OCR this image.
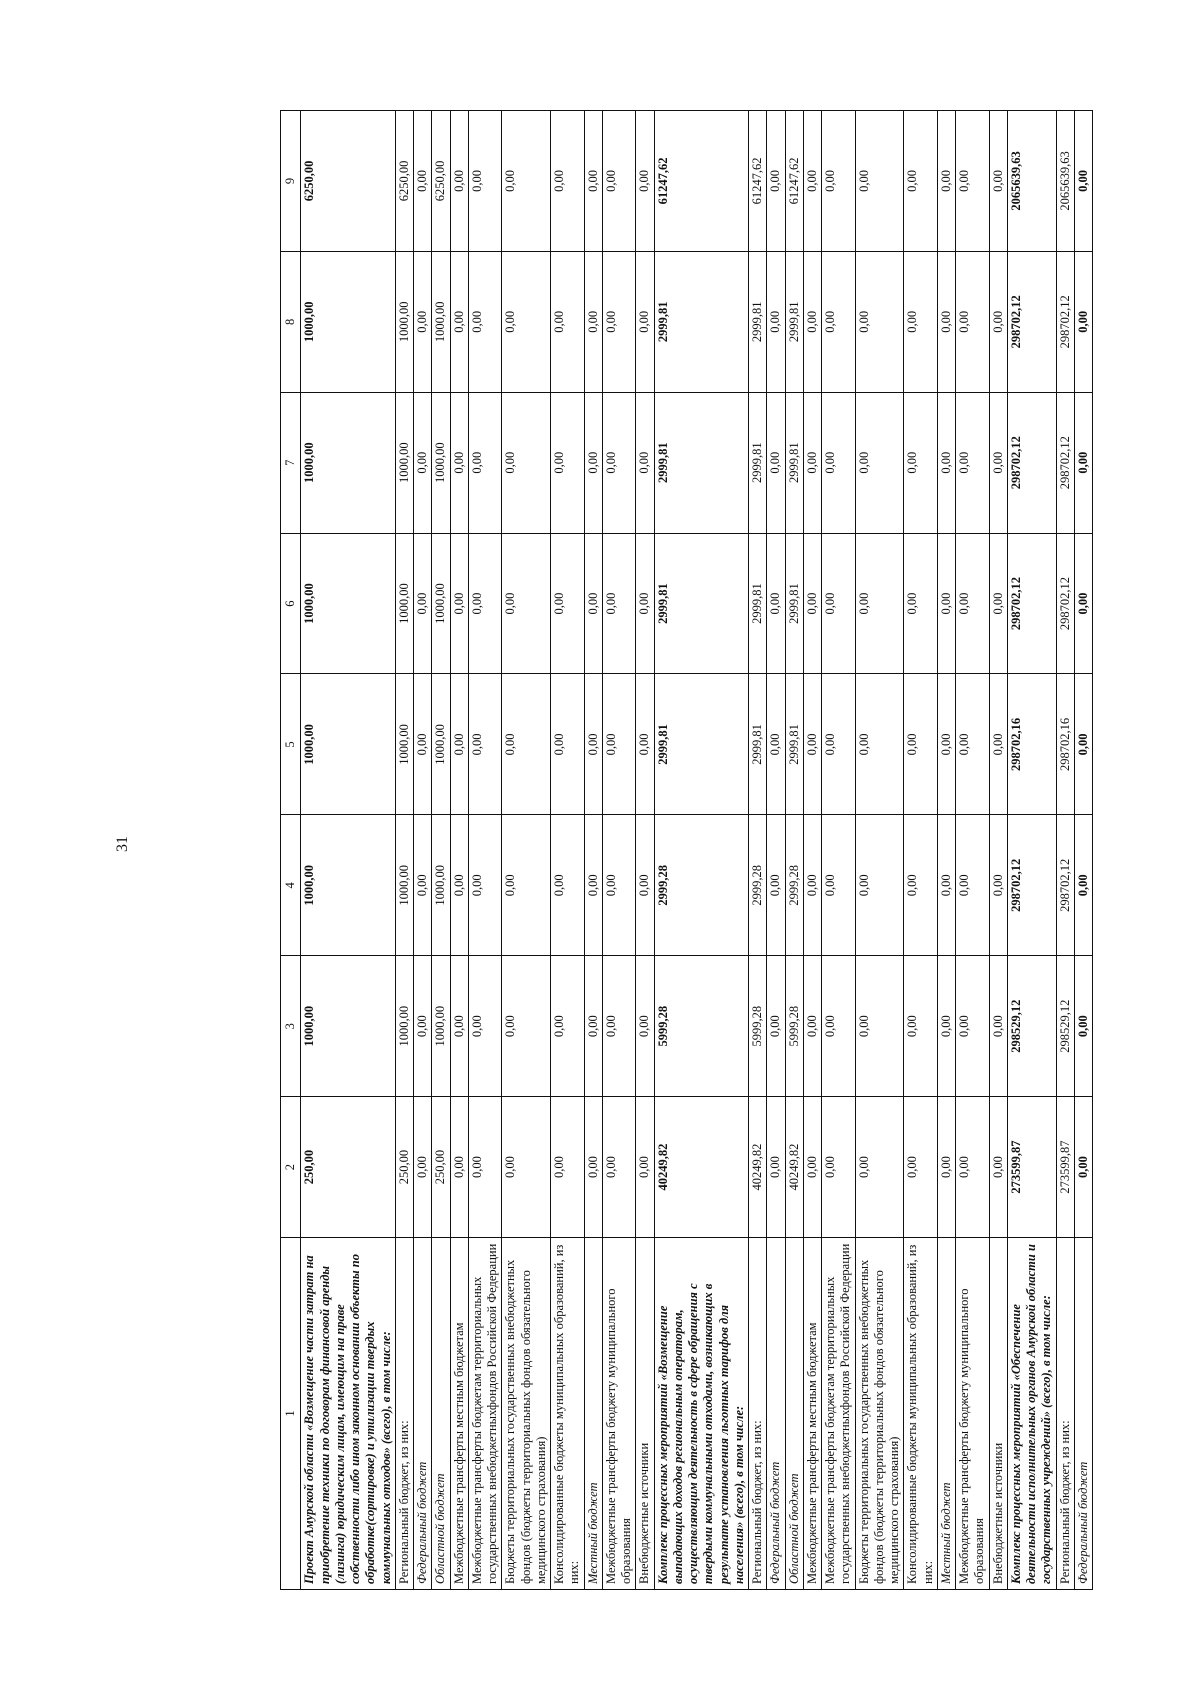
31
1	2	3	4	5	6	7	8	9
Проект Амурской области «Возмещение части затрат на приобретение техники по договорам финансовой аренды (лизинга) юридическим лицам, имеющим на праве собственности либо ином законном основании объекты по обработке(сортировке) и утилизации твердых коммунальных отходов» (всего), в том числе:	250,00	1000,00	1000,00	1000,00	1000,00	1000,00	1000,00	6250,00
Региональный бюджет, из них:	250,00	1000,00	1000,00	1000,00	1000,00	1000,00	1000,00	6250,00
Федеральный бюджет	0,00	0,00	0,00	0,00	0,00	0,00	0,00	0,00
Областной бюджет	250,00	1000,00	1000,00	1000,00	1000,00	1000,00	1000,00	6250,00
Межбюджетные трансферты местным бюджетам	0,00	0,00	0,00	0,00	0,00	0,00	0,00	0,00
Межбюджетные трансферты бюджетам территориальных государственных внебюджетныхфондов Российской Федерации	0,00	0,00	0,00	0,00	0,00	0,00	0,00	0,00
Бюджеты территориальных государственных внебюджетных фондов (бюджеты территориальных фондов обязательного медицинского страхования)	0,00	0,00	0,00	0,00	0,00	0,00	0,00	0,00
Консолидированные бюджеты муниципальных образований, из них:	0,00	0,00	0,00	0,00	0,00	0,00	0,00	0,00
Местный бюджет	0,00	0,00	0,00	0,00	0,00	0,00	0,00	0,00
Межбюджетные трансферты бюджету муниципального образования	0,00	0,00	0,00	0,00	0,00	0,00	0,00	0,00
Внебюджетные источники	0,00	0,00	0,00	0,00	0,00	0,00	0,00	0,00
Комплекс процессных мероприятий «Возмещение выпадающих доходов региональным операторам, осуществляющим деятельность в сфере обращения с твердыми коммунальными отходами, возникающих в результате установления льготных тарифов для населения» (всего), в том числе:	40249,82	5999,28	2999,28	2999,81	2999,81	2999,81	2999,81	61247,62
Региональный бюджет, из них:	40249,82	5999,28	2999,28	2999,81	2999,81	2999,81	2999,81	61247,62
Федеральный бюджет	0,00	0,00	0,00	0,00	0,00	0,00	0,00	0,00
Областной бюджет	40249,82	5999,28	2999,28	2999,81	2999,81	2999,81	2999,81	61247,62
Межбюджетные трансферты местным бюджетам	0,00	0,00	0,00	0,00	0,00	0,00	0,00	0,00
Межбюджетные трансферты бюджетам территориальных государственных внебюджетныхфондов Российской Федерации	0,00	0,00	0,00	0,00	0,00	0,00	0,00	0,00
Бюджеты территориальных государственных внебюджетных фондов (бюджеты территориальных фондов обязательного медицинского страхования)	0,00	0,00	0,00	0,00	0,00	0,00	0,00	0,00
Консолидированные бюджеты муниципальных образований, из них:	0,00	0,00	0,00	0,00	0,00	0,00	0,00	0,00
Местный бюджет	0,00	0,00	0,00	0,00	0,00	0,00	0,00	0,00
Межбюджетные трансферты бюджету муниципального образования	0,00	0,00	0,00	0,00	0,00	0,00	0,00	0,00
Внебюджетные источники	0,00	0,00	0,00	0,00	0,00	0,00	0,00	0,00
Комплекс процессных мероприятий «Обеспечение деятельности исполнительных органов Амурской области и государственных учреждений» (всего), в том числе:	273599,87	298529,12	298702,12	298702,16	298702,12	298702,12	298702,12	2065639,63
Региональный бюджет, из них:	273599,87	298529,12	298702,12	298702,16	298702,12	298702,12	298702,12	2065639,63
Федеральный бюджет	0,00	0,00	0,00	0,00	0,00	0,00	0,00	0,00
